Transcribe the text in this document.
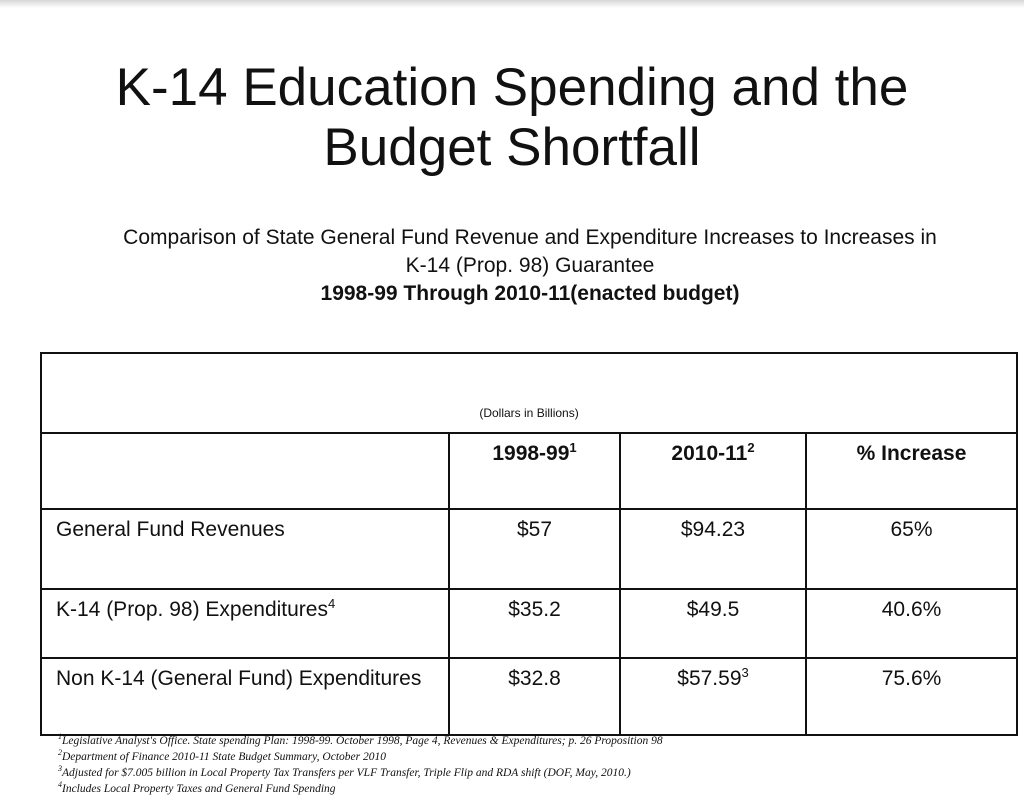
K-14 Education Spending and the Budget Shortfall
Comparison of State General Fund Revenue and Expenditure Increases to Increases in
K-14 (Prop. 98) Guarantee
1998-99 Through 2010-11(enacted budget)
(Dollars in Billions)			
	$1998-99^1$	$2010-11^2$	% Increase
General Fund Revenues	$57	$94.23	65%
K-14 (Prop. 98) Expenditures$^4$	$35.2	$49.5	40.6%
Non K-14 (General Fund) Expenditures	$32.8	$57.59$^3$	75.6%
$^1$Legislative Analyst's Office. State spending Plan: 1998-99. October 1998, Page 4, Revenues & Expenditures; p. 26 Proposition 98
$^2$Department of Finance 2010-11 State Budget Summary, October 2010
$^3$Adjusted for $7.005 billion in Local Property Tax Transfers per VLF Transfer, Triple Flip and RDA shift (DOF, May, 2010.)
$^4$Includes Local Property Taxes and General Fund Spending
